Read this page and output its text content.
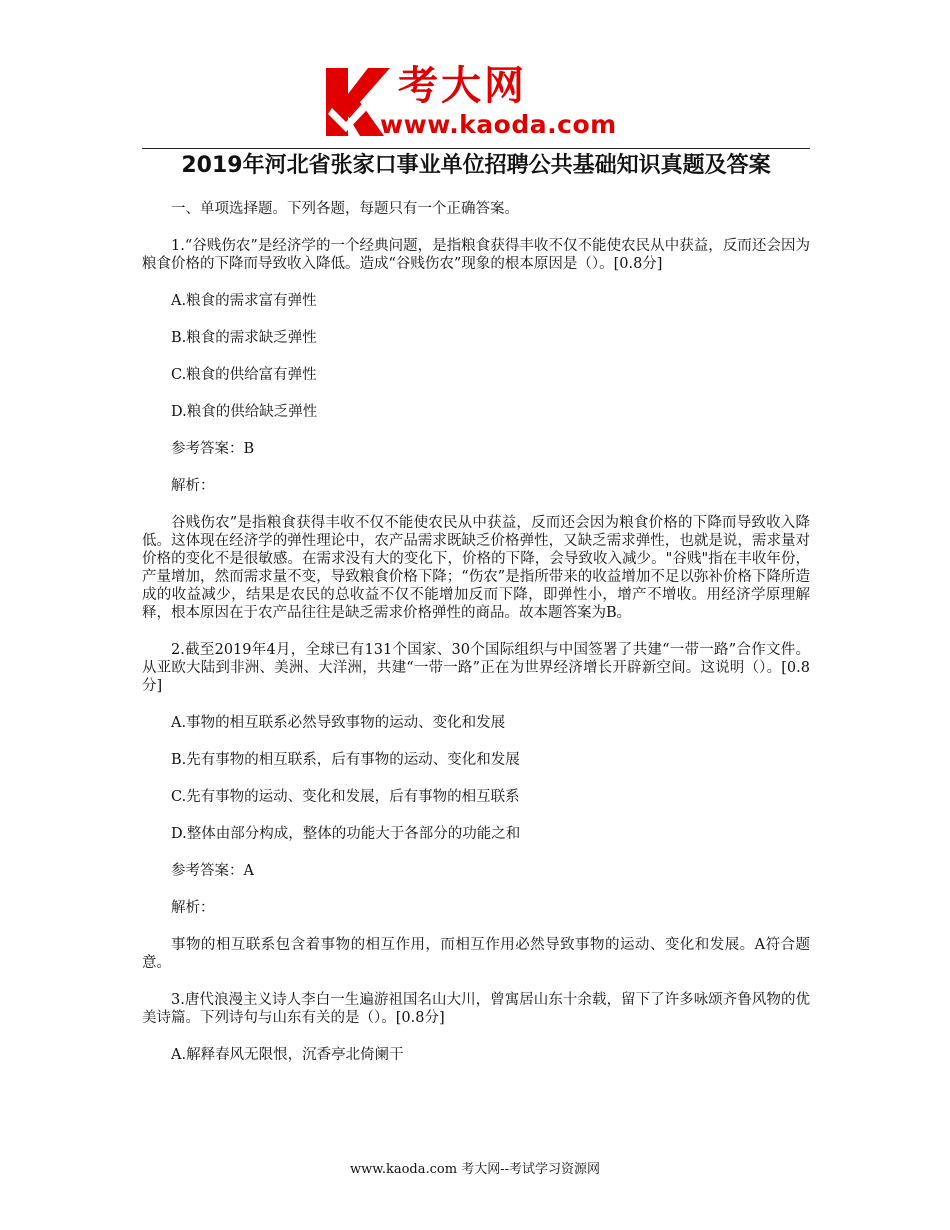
考大网
www.kaoda.com
2019年河北省张家口事业单位招聘公共基础知识真题及答案

一、单项选择题。下列各题，每题只有一个正确答案。

1.“谷贱伤农”是经济学的一个经典问题，是指粮食获得丰收不仅不能使农民从中获益，反而还会因为粮食价格的下降而导致收入降低。造成“谷贱伤农”现象的根本原因是（）。[0.8分]

A.粮食的需求富有弹性

B.粮食的需求缺乏弹性

C.粮食的供给富有弹性

D.粮食的供给缺乏弹性

参考答案：B

解析：

谷贱伤农”是指粮食获得丰收不仅不能使农民从中获益，反而还会因为粮食价格的下降而导致收入降低。这体现在经济学的弹性理论中，农产品需求既缺乏价格弹性，又缺乏需求弹性，也就是说，需求量对价格的变化不是很敏感。在需求没有大的变化下，价格的下降，会导致收入减少。"谷贱"指在丰收年份，产量增加，然而需求量不变，导致粮食价格下降；“伤农”是指所带来的收益增加不足以弥补价格下降所造成的收益减少，结果是农民的总收益不仅不能增加反而下降，即弹性小，增产不增收。用经济学原理解释，根本原因在于农产品往往是缺乏需求价格弹性的商品。故本题答案为B。

2.截至2019年4月，全球已有131个国家、30个国际组织与中国签署了共建“一带一路”合作文件。从亚欧大陆到非洲、美洲、大洋洲，共建“一带一路”正在为世界经济增长开辟新空间。这说明（）。[0.8分]

A.事物的相互联系必然导致事物的运动、变化和发展

B.先有事物的相互联系，后有事物的运动、变化和发展

C.先有事物的运动、变化和发展，后有事物的相互联系

D.整体由部分构成，整体的功能大于各部分的功能之和

参考答案：A

解析：

事物的相互联系包含着事物的相互作用，而相互作用必然导致事物的运动、变化和发展。A符合题意。

3.唐代浪漫主义诗人李白一生遍游祖国名山大川，曾寓居山东十余载，留下了许多咏颂齐鲁风物的优美诗篇。下列诗句与山东有关的是（）。[0.8分]

A.解释春风无限恨，沉香亭北倚阑干

www.kaoda.com 考大网--考试学习资源网
